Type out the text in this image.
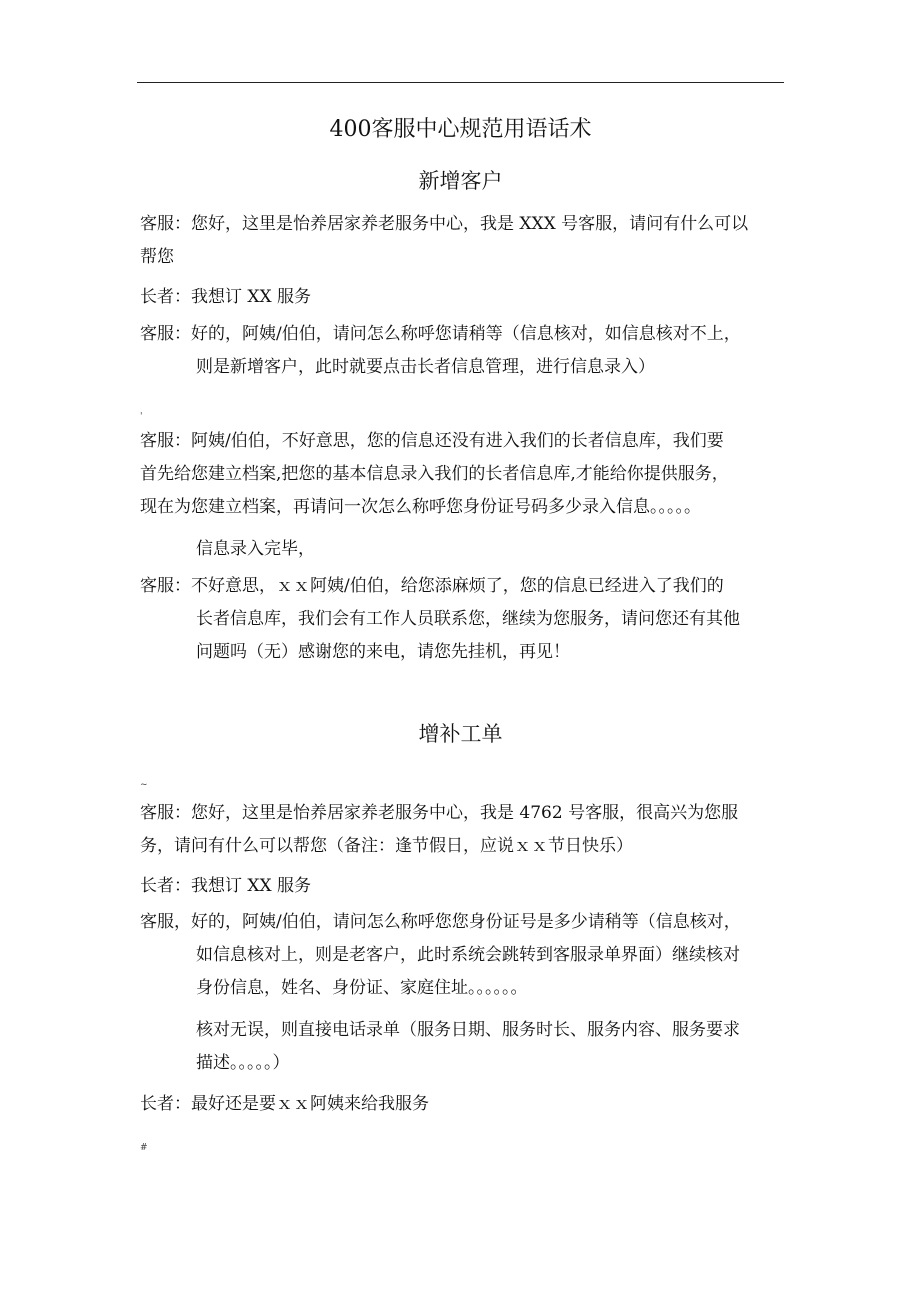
400客服中心规范用语话术
新增客户
客服：您好，这里是怡养居家养老服务中心，我是 XXX 号客服，请问有什么可以
帮您
长者：我想订 XX 服务
客服：好的，阿姨/伯伯，请问怎么称呼您请稍等（信息核对，如信息核对不上，
则是新增客户，此时就要点击长者信息管理，进行信息录入）
'
客服：阿姨/伯伯，不好意思，您的信息还没有进入我们的长者信息库，我们要
首先给您建立档案,把您的基本信息录入我们的长者信息库,才能给你提供服务，
现在为您建立档案，再请问一次怎么称呼您身份证号码多少录入信息。。。。。
信息录入完毕，
客服：不好意思，ｘｘ阿姨/伯伯，给您添麻烦了，您的信息已经进入了我们的
长者信息库，我们会有工作人员联系您，继续为您服务，请问您还有其他
问题吗（无）感谢您的来电，请您先挂机，再见！
增补工单
~
客服：您好，这里是怡养居家养老服务中心，我是 4762 号客服，很高兴为您服
务，请问有什么可以帮您（备注：逢节假日，应说ｘｘ节日快乐）
长者：我想订 XX 服务
客服，好的，阿姨/伯伯，请问怎么称呼您您身份证号是多少请稍等（信息核对，
如信息核对上，则是老客户，此时系统会跳转到客服录单界面）继续核对
身份信息，姓名、身份证、家庭住址。。。。。。
核对无误，则直接电话录单（服务日期、服务时长、服务内容、服务要求
描述。。。。。）
长者：最好还是要ｘｘ阿姨来给我服务
#
